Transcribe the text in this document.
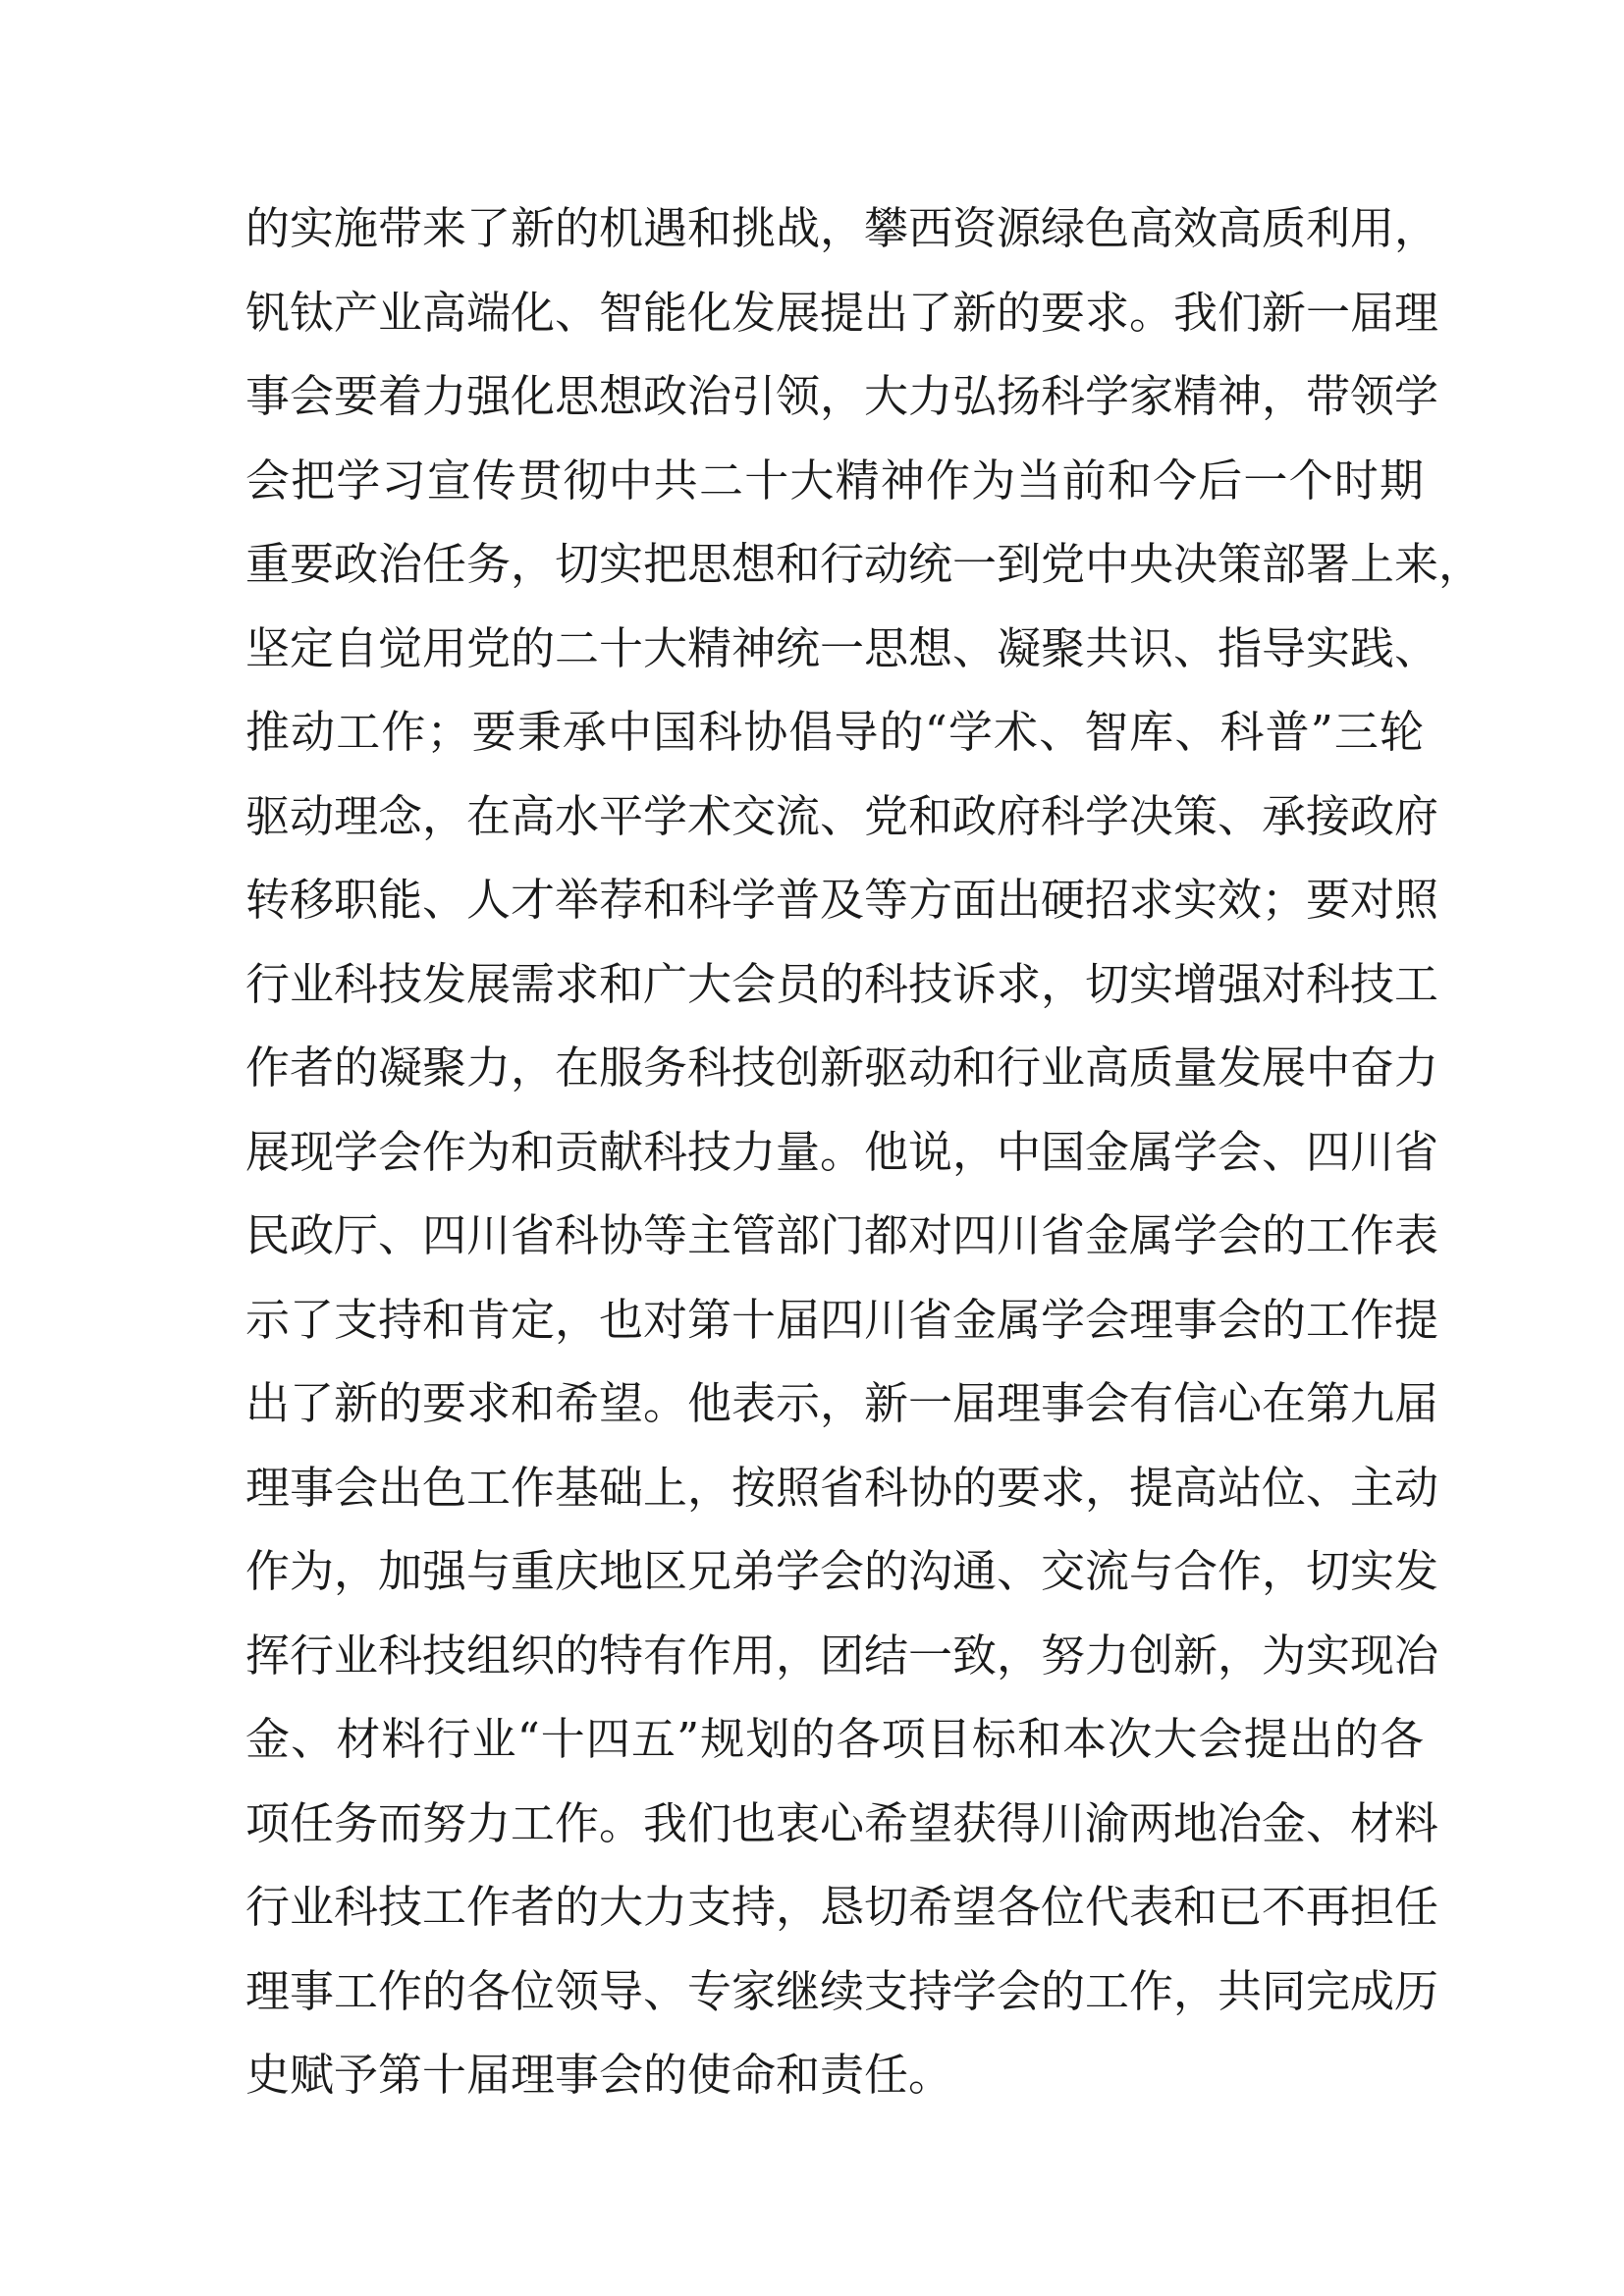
的实施带来了新的机遇和挑战，攀西资源绿色高效高质利用，
钒钛产业高端化、智能化发展提出了新的要求。我们新一届理
事会要着力强化思想政治引领，大力弘扬科学家精神，带领学
会把学习宣传贯彻中共二十大精神作为当前和今后一个时期
重要政治任务，切实把思想和行动统一到党中央决策部署上来，
坚定自觉用党的二十大精神统一思想、凝聚共识、指导实践、
推动工作；要秉承中国科协倡导的“学术、智库、科普”三轮
驱动理念，在高水平学术交流、党和政府科学决策、承接政府
转移职能、人才举荐和科学普及等方面出硬招求实效；要对照
行业科技发展需求和广大会员的科技诉求，切实增强对科技工
作者的凝聚力，在服务科技创新驱动和行业高质量发展中奋力
展现学会作为和贡献科技力量。他说，中国金属学会、四川省
民政厅、四川省科协等主管部门都对四川省金属学会的工作表
示了支持和肯定，也对第十届四川省金属学会理事会的工作提
出了新的要求和希望。他表示，新一届理事会有信心在第九届
理事会出色工作基础上，按照省科协的要求，提高站位、主动
作为，加强与重庆地区兄弟学会的沟通、交流与合作，切实发
挥行业科技组织的特有作用，团结一致，努力创新，为实现冶
金、材料行业“十四五”规划的各项目标和本次大会提出的各
项任务而努力工作。我们也衷心希望获得川渝两地冶金、材料
行业科技工作者的大力支持，恳切希望各位代表和已不再担任
理事工作的各位领导、专家继续支持学会的工作，共同完成历
史赋予第十届理事会的使命和责任。
